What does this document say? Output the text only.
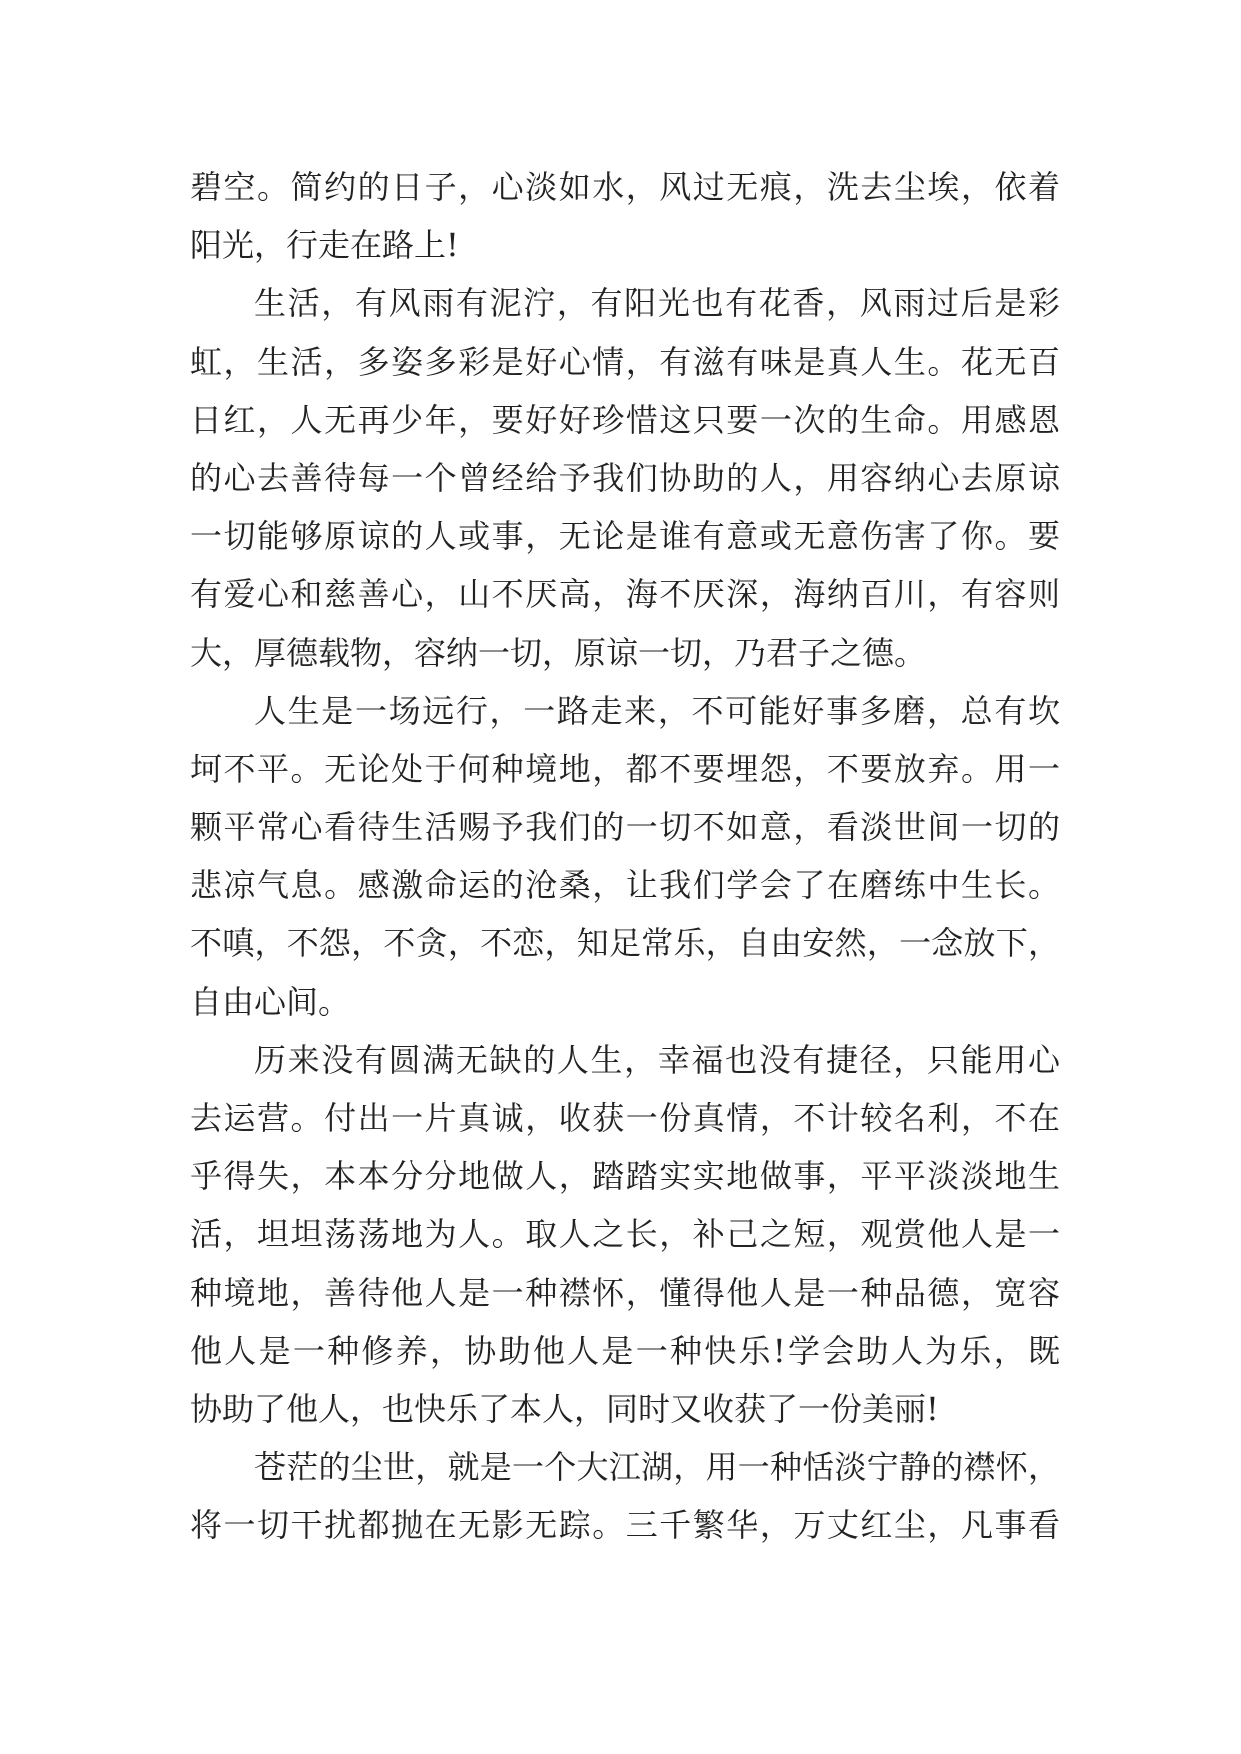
碧空。简约的日子，心淡如水，风过无痕，洗去尘埃，依着
阳光，行走在路上!
生活，有风雨有泥泞，有阳光也有花香，风雨过后是彩
虹，生活，多姿多彩是好心情，有滋有味是真人生。花无百
日红，人无再少年，要好好珍惜这只要一次的生命。用感恩
的心去善待每一个曾经给予我们协助的人，用容纳心去原谅
一切能够原谅的人或事，无论是谁有意或无意伤害了你。要
有爱心和慈善心，山不厌高，海不厌深，海纳百川，有容则
大，厚德载物，容纳一切，原谅一切，乃君子之德。
人生是一场远行，一路走来，不可能好事多磨，总有坎
坷不平。无论处于何种境地，都不要埋怨，不要放弃。用一
颗平常心看待生活赐予我们的一切不如意，看淡世间一切的
悲凉气息。感激命运的沧桑，让我们学会了在磨练中生长。
不嗔，不怨，不贪，不恋，知足常乐，自由安然，一念放下，
自由心间。
历来没有圆满无缺的人生，幸福也没有捷径，只能用心
去运营。付出一片真诚，收获一份真情，不计较名利，不在
乎得失，本本分分地做人，踏踏实实地做事，平平淡淡地生
活，坦坦荡荡地为人。取人之长，补己之短，观赏他人是一
种境地，善待他人是一种襟怀，懂得他人是一种品德，宽容
他人是一种修养，协助他人是一种快乐!学会助人为乐，既
协助了他人，也快乐了本人，同时又收获了一份美丽!
苍茫的尘世，就是一个大江湖，用一种恬淡宁静的襟怀，
将一切干扰都抛在无影无踪。三千繁华，万丈红尘，凡事看
